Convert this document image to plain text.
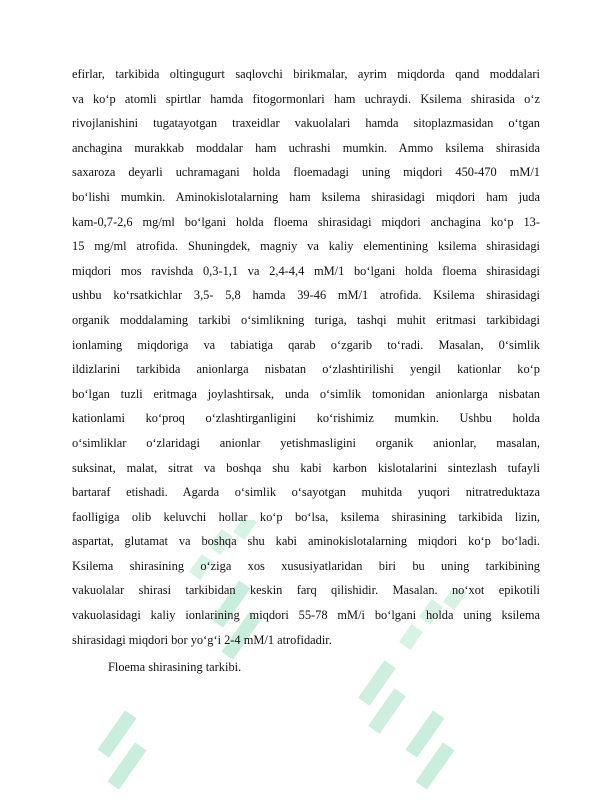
efirlar, tarkibida oltingugurt saqlovchi birikmalar, ayrim miqdorda qand moddalari
va ko‘p atomli spirtlar hamda fitogormonlari ham uchraydi. Ksilema shirasida o‘z
rivojlanishini tugatayotgan traxeidlar vakuolalari hamda sitoplazmasidan o‘tgan
anchagina murakkab moddalar ham uchrashi mumkin. Ammo ksilema shirasida
saxaroza deyarli uchramagani holda floemadagi uning miqdori 450-470 mM/1
bo‘lishi mumkin. Aminokislotalarning ham ksilema shirasidagi miqdori ham juda
kam-0,7-2,6 mg/ml bo‘lgani holda floema shirasidagi miqdori anchagina ko‘p 13-
15 mg/ml atrofida. Shuningdek, magniy va kaliy elementining ksilema shirasidagi
miqdori mos ravishda 0,3-1,1 va 2,4-4,4 mM/1 bo‘lgani holda floema shirasidagi
ushbu ko‘rsatkichlar 3,5- 5,8 hamda 39-46 mM/1 atrofida. Ksilema shirasidagi
organik moddalaming tarkibi o‘simlikning turiga, tashqi muhit eritmasi tarkibidagi
ionlaming miqdoriga va tabiatiga qarab o‘zgarib to‘radi. Masalan, 0‘simlik
ildizlarini tarkibida anionlarga nisbatan o‘zlashtirilishi yengil kationlar ko‘p
bo‘lgan tuzli eritmaga joylashtirsak, unda o‘simlik tomonidan anionlarga nisbatan
kationlami ko‘proq o‘zlashtirganligini ko‘rishimiz mumkin. Ushbu holda
o‘simliklar o‘zlaridagi anionlar yetishmasligini organik anionlar, masalan,
suksinat, malat, sitrat va boshqa shu kabi karbon kislotalarini sintezlash tufayli
bartaraf etishadi. Agarda o‘simlik o‘sayotgan muhitda yuqori nitratreduktaza
faolligiga olib keluvchi hollar ko‘p bo‘lsa, ksilema shirasining tarkibida lizin,
aspartat, glutamat va boshqa shu kabi aminokislotalarning miqdori ko‘p bo‘ladi.
Ksilema shirasining o‘ziga xos xususiyatlaridan biri bu uning tarkibining
vakuolalar shirasi tarkibidan keskin farq qilishidir. Masalan. no‘xot epikotili
vakuolasidagi kaliy ionlarining miqdori 55-78 mM/i bo‘lgani holda uning ksilema
shirasidagi miqdori bor yo‘g‘i 2-4 mM/1 atrofidadir.
Floema shirasining tarkibi.
